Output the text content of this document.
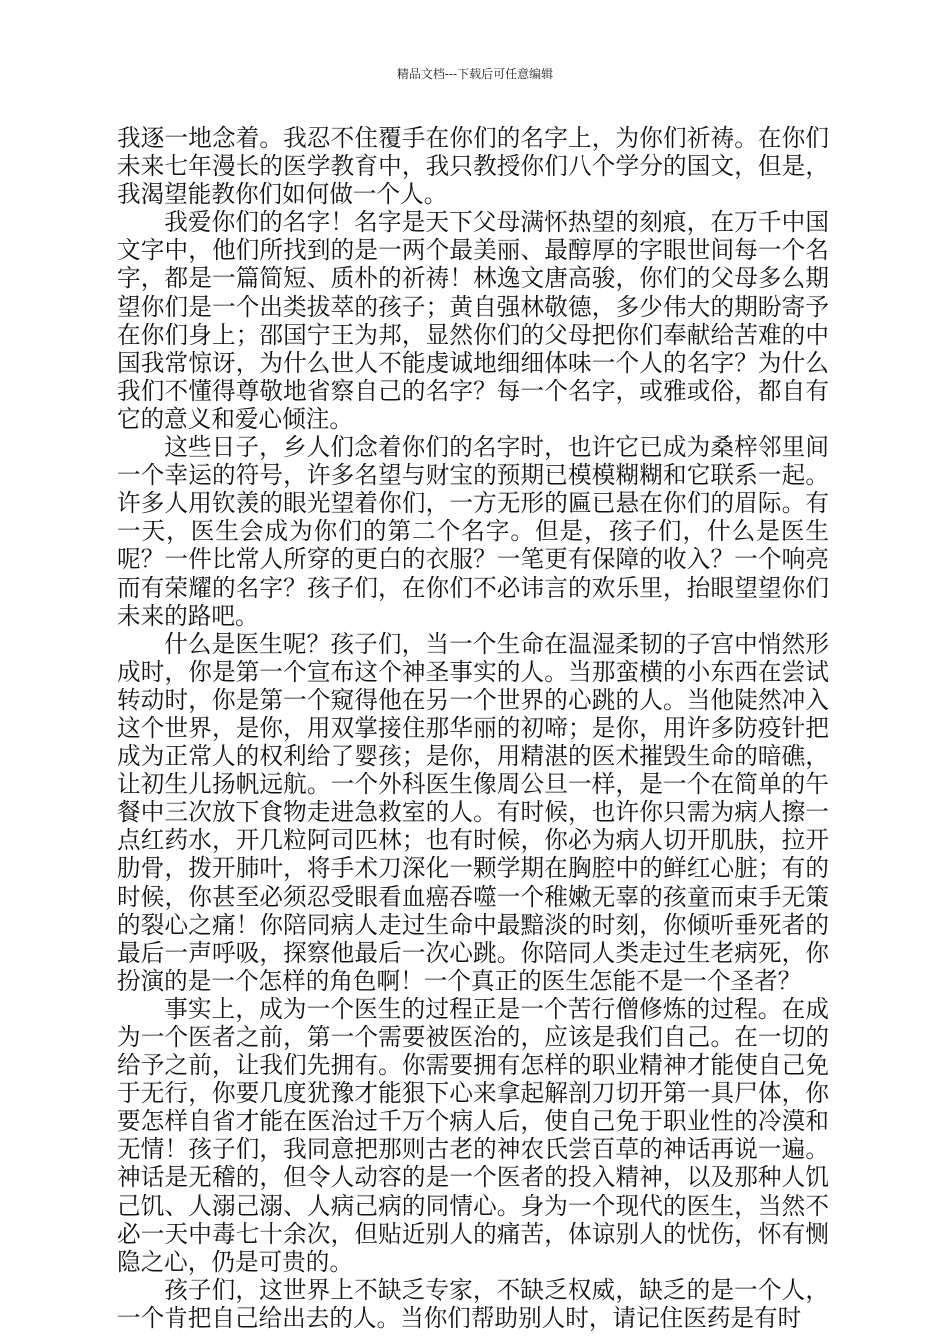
精品文档---下载后可任意编辑

我逐一地念着。我忍不住覆手在你们的名字上，为你们祈祷。在你们未来七年漫长的医学教育中，我只教授你们八个学分的国文，但是，我渴望能教你们如何做一个人。

我爱你们的名字！名字是天下父母满怀热望的刻痕，在万千中国文字中，他们所找到的是一两个最美丽、最醇厚的字眼世间每一个名字，都是一篇简短、质朴的祈祷！林逸文唐高骏，你们的父母多么期望你们是一个出类拔萃的孩子；黄自强林敬德，多少伟大的期盼寄予在你们身上；邵国宁王为邦，显然你们的父母把你们奉献给苦难的中国我常惊讶，为什么世人不能虔诚地细细体味一个人的名字？为什么我们不懂得尊敬地省察自己的名字？每一个名字，或雅或俗，都自有它的意义和爱心倾注。

这些日子，乡人们念着你们的名字时，也许它已成为桑梓邻里间一个幸运的符号，许多名望与财宝的预期已模模糊糊和它联系一起。许多人用钦羡的眼光望着你们，一方无形的匾已悬在你们的眉际。有一天，医生会成为你们的第二个名字。但是，孩子们，什么是医生呢？一件比常人所穿的更白的衣服？一笔更有保障的收入？一个响亮而有荣耀的名字？孩子们，在你们不必讳言的欢乐里，抬眼望望你们未来的路吧。

什么是医生呢？孩子们，当一个生命在温湿柔韧的子宫中悄然形成时，你是第一个宣布这个神圣事实的人。当那蛮横的小东西在尝试转动时，你是第一个窥得他在另一个世界的心跳的人。当他陡然冲入这个世界，是你，用双掌接住那华丽的初啼；是你，用许多防疫针把成为正常人的权利给了婴孩；是你，用精湛的医术摧毁生命的暗礁，让初生儿扬帆远航。一个外科医生像周公旦一样，是一个在简单的午餐中三次放下食物走进急救室的人。有时候，也许你只需为病人擦一点红药水，开几粒阿司匹林；也有时候，你必为病人切开肌肤，拉开肋骨，拨开肺叶，将手术刀深化一颗学期在胸腔中的鲜红心脏；有的时候，你甚至必须忍受眼看血癌吞噬一个稚嫩无辜的孩童而束手无策的裂心之痛！你陪同病人走过生命中最黯淡的时刻，你倾听垂死者的最后一声呼吸，探察他最后一次心跳。你陪同人类走过生老病死，你扮演的是一个怎样的角色啊！一个真正的医生怎能不是一个圣者？

事实上，成为一个医生的过程正是一个苦行僧修炼的过程。在成为一个医者之前，第一个需要被医治的，应该是我们自己。在一切的给予之前，让我们先拥有。你需要拥有怎样的职业精神才能使自己免于无行，你要几度犹豫才能狠下心来拿起解剖刀切开第一具尸体，你要怎样自省才能在医治过千万个病人后，使自己免于职业性的冷漠和无情！孩子们，我同意把那则古老的神农氏尝百草的神话再说一遍。神话是无稽的，但令人动容的是一个医者的投入精神，以及那种人饥己饥、人溺己溺、人病己病的同情心。身为一个现代的医生，当然不必一天中毒七十余次，但贴近别人的痛苦，体谅别人的忧伤，怀有恻隐之心，仍是可贵的。

孩子们，这世界上不缺乏专家，不缺乏权威，缺乏的是一个人，一个肯把自己给出去的人。当你们帮助别人时，请记住医药是有时
